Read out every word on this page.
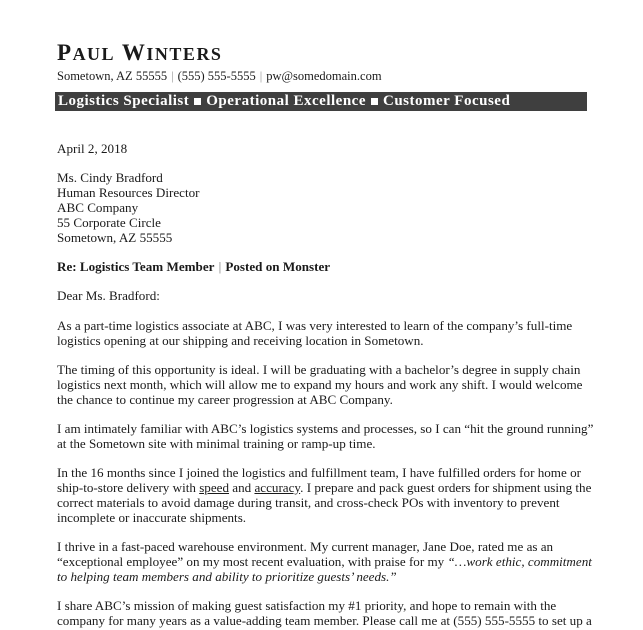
PAUL WINTERS
Sometown, AZ 55555 | (555) 555-5555 | pw@somedomain.com
Logistics Specialist Operational Excellence Customer Focused
April 2, 2018
Ms. Cindy Bradford
Human Resources Director
ABC Company
55 Corporate Circle
Sometown, AZ 55555
Re: Logistics Team Member | Posted on Monster
Dear Ms. Bradford:
As a part-time logistics associate at ABC, I was very interested to learn of the company’s full-time
logistics opening at our shipping and receiving location in Sometown.
The timing of this opportunity is ideal. I will be graduating with a bachelor’s degree in supply chain
logistics next month, which will allow me to expand my hours and work any shift. I would welcome
the chance to continue my career progression at ABC Company.
I am intimately familiar with ABC’s logistics systems and processes, so I can “hit the ground running”
at the Sometown site with minimal training or ramp-up time.
In the 16 months since I joined the logistics and fulfillment team, I have fulfilled orders for home or
ship-to-store delivery with speed and accuracy. I prepare and pack guest orders for shipment using the
correct materials to avoid damage during transit, and cross-check POs with inventory to prevent
incomplete or inaccurate shipments.
I thrive in a fast-paced warehouse environment. My current manager, Jane Doe, rated me as an
“exceptional employee” on my most recent evaluation, with praise for my “…work ethic, commitment
to helping team members and ability to prioritize guests’ needs.”
I share ABC’s mission of making guest satisfaction my #1 priority, and hope to remain with the
company for many years as a value-adding team member. Please call me at (555) 555-5555 to set up a
